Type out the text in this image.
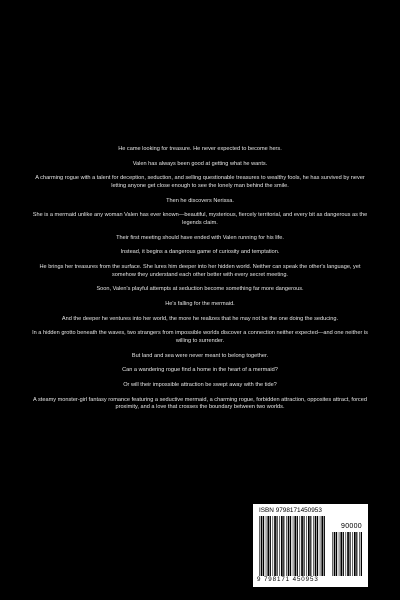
He came looking for treasure. He never expected to become hers.

Valen has always been good at getting what he wants.

A charming rogue with a talent for deception, seduction, and selling questionable treasures to wealthy fools, he has survived by never letting anyone get close enough to see the lonely man behind the smile.

Then he discovers Nerissa.

She is a mermaid unlike any woman Valen has ever known—beautiful, mysterious, fiercely territorial, and every bit as dangerous as the legends claim.

Their first meeting should have ended with Valen running for his life.

Instead, it begins a dangerous game of curiosity and temptation.

He brings her treasures from the surface. She lures him deeper into her hidden world. Neither can speak the other's language, yet somehow they understand each other better with every secret meeting.

Soon, Valen's playful attempts at seduction become something far more dangerous.

He's falling for the mermaid.

And the deeper he ventures into her world, the more he realizes that he may not be the one doing the seducing.

In a hidden grotto beneath the waves, two strangers from impossible worlds discover a connection neither expected—and one neither is willing to surrender.

But land and sea were never meant to belong together.

Can a wandering rogue find a home in the heart of a mermaid?

Or will their impossible attraction be swept away with the tide?

A steamy monster-girl fantasy romance featuring a seductive mermaid, a charming rogue, forbidden attraction, opposites attract, forced proximity, and a love that crosses the boundary between two worlds.

ISBN 9798171450953
90000
9 798171 450953
